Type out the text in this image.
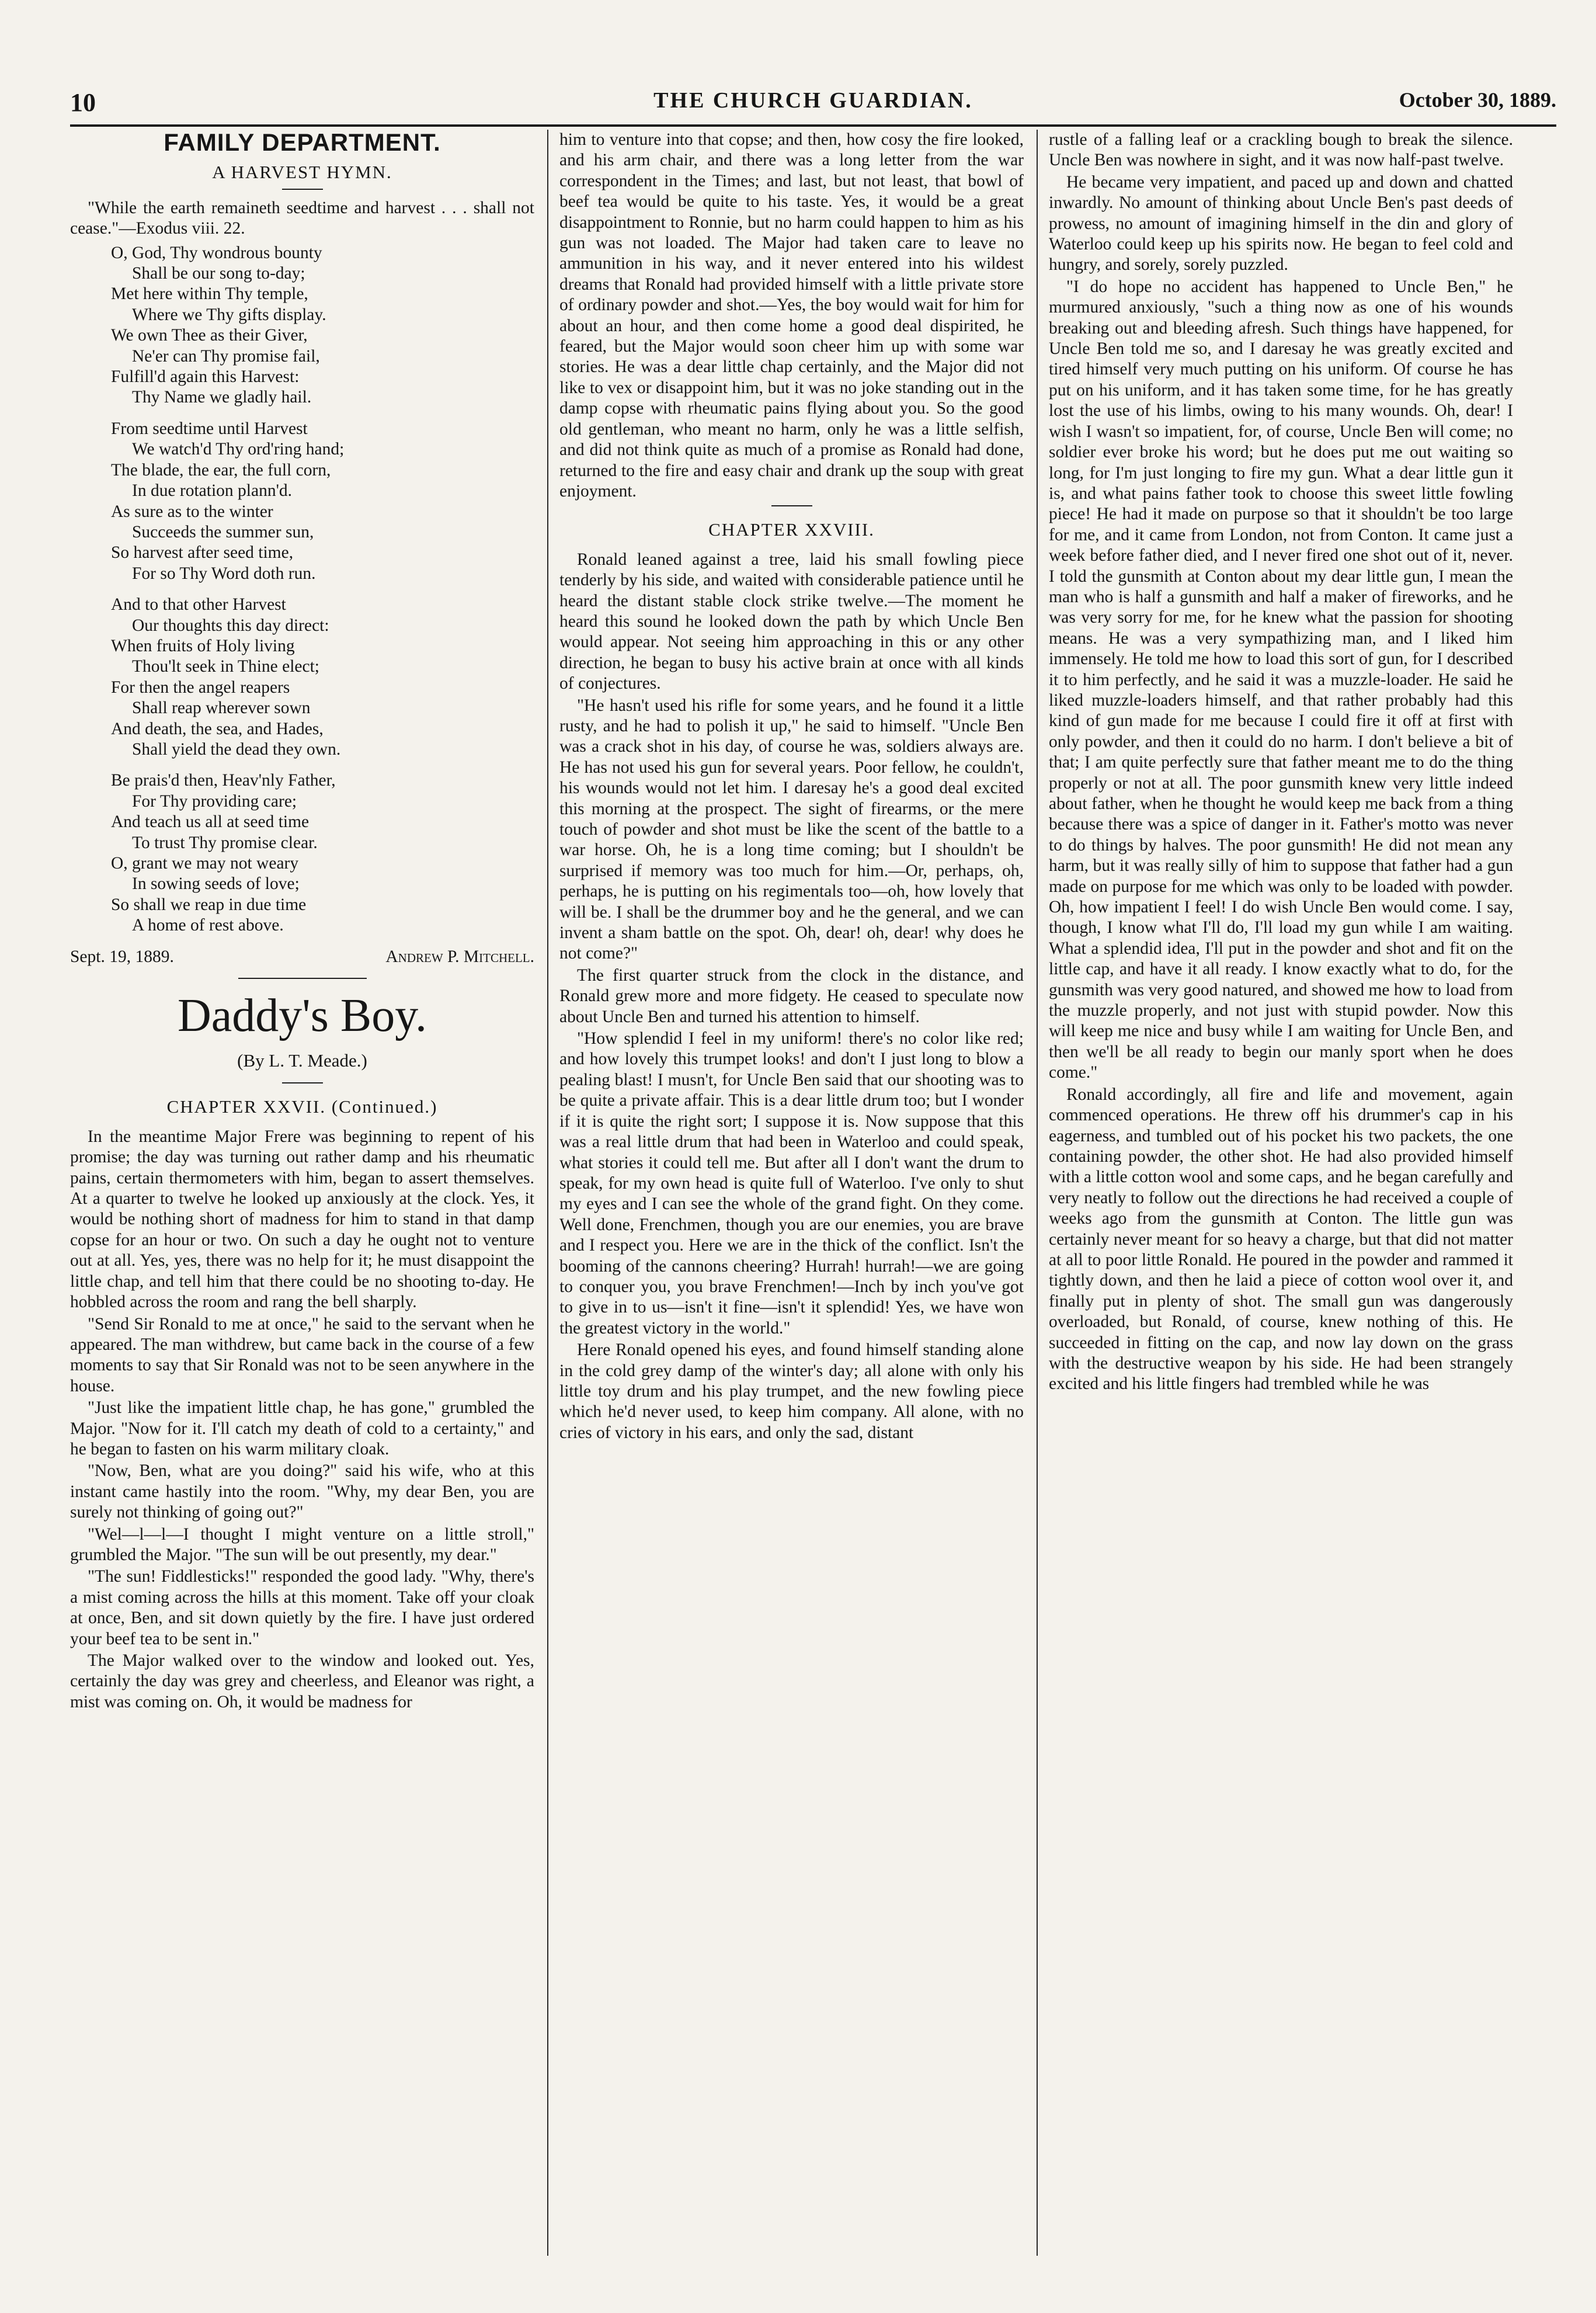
THE CHURCH GUARDIAN.
10	October 30, 1889.
FAMILY DEPARTMENT.
A HARVEST HYMN.

"While the earth remaineth seedtime and harvest . . . shall not cease."—Exodus viii. 22.

O, God, Thy wondrous bounty
Shall be our song to-day;
Met here within Thy temple,
Where we Thy gifts display.
We own Thee as their Giver,
Ne'er can Thy promise fail,
Fulfill'd again this Harvest:
Thy Name we gladly hail.
From seedtime until Harvest
We watch'd Thy ord'ring hand;
The blade, the ear, the full corn,
In due rotation plann'd.
As sure as to the winter
Succeeds the summer sun,
So harvest after seed time,
For so Thy Word doth run.
And to that other Harvest
Our thoughts this day direct:
When fruits of Holy living
Thou'lt seek in Thine elect;
For then the angel reapers
Shall reap wherever sown
And death, the sea, and Hades,
Shall yield the dead they own.
Be prais'd then, Heav'nly Father,
For Thy providing care;
And teach us all at seed time
To trust Thy promise clear.
O, grant we may not weary
In sowing seeds of love;
So shall we reap in due time
A home of rest above.
Sept. 19, 1889.	Andrew P. Mitchell.
Daddy's Boy.
(By L. T. Meade.)
CHAPTER XXVII. (Continued.)

In the meantime Major Frere was beginning to repent of his promise; the day was turning out rather damp and his rheumatic pains, certain thermometers with him, began to assert themselves. At a quarter to twelve he looked up anxiously at the clock. Yes, it would be nothing short of madness for him to stand in that damp copse for an hour or two. On such a day he ought not to venture out at all. Yes, yes, there was no help for it; he must disappoint the little chap, and tell him that there could be no shooting to-day. He hobbled across the room and rang the bell sharply.

"Send Sir Ronald to me at once," he said to the servant when he appeared. The man withdrew, but came back in the course of a few moments to say that Sir Ronald was not to be seen anywhere in the house.

"Just like the impatient little chap, he has gone," grumbled the Major. "Now for it. I'll catch my death of cold to a certainty," and he began to fasten on his warm military cloak.

"Now, Ben, what are you doing?" said his wife, who at this instant came hastily into the room. "Why, my dear Ben, you are surely not thinking of going out?"

"Wel—l—l—I thought I might venture on a little stroll," grumbled the Major. "The sun will be out presently, my dear."

"The sun! Fiddlesticks!" responded the good lady. "Why, there's a mist coming across the hills at this moment. Take off your cloak at once, Ben, and sit down quietly by the fire. I have just ordered your beef tea to be sent in."

The Major walked over to the window and looked out. Yes, certainly the day was grey and cheerless, and Eleanor was right, a mist was coming on. Oh, it would be madness for

him to venture into that copse; and then, how cosy the fire looked, and his arm chair, and there was a long letter from the war correspondent in the Times; and last, but not least, that bowl of beef tea would be quite to his taste. Yes, it would be a great disappointment to Ronnie, but no harm could happen to him as his gun was not loaded. The Major had taken care to leave no ammunition in his way, and it never entered into his wildest dreams that Ronald had provided himself with a little private store of ordinary powder and shot.—Yes, the boy would wait for him for about an hour, and then come home a good deal dispirited, he feared, but the Major would soon cheer him up with some war stories. He was a dear little chap certainly, and the Major did not like to vex or disappoint him, but it was no joke standing out in the damp copse with rheumatic pains flying about you. So the good old gentleman, who meant no harm, only he was a little selfish, and did not think quite as much of a promise as Ronald had done, returned to the fire and easy chair and drank up the soup with great enjoyment.

CHAPTER XXVIII.

Ronald leaned against a tree, laid his small fowling piece tenderly by his side, and waited with considerable patience until he heard the distant stable clock strike twelve.—The moment he heard this sound he looked down the path by which Uncle Ben would appear. Not seeing him approaching in this or any other direction, he began to busy his active brain at once with all kinds of conjectures.

"He hasn't used his rifle for some years, and he found it a little rusty, and he had to polish it up," he said to himself. "Uncle Ben was a crack shot in his day, of course he was, soldiers always are. He has not used his gun for several years. Poor fellow, he couldn't, his wounds would not let him. I daresay he's a good deal excited this morning at the prospect. The sight of firearms, or the mere touch of powder and shot must be like the scent of the battle to a war horse. Oh, he is a long time coming; but I shouldn't be surprised if memory was too much for him.—Or, perhaps, oh, perhaps, he is putting on his regimentals too—oh, how lovely that will be. I shall be the drummer boy and he the general, and we can invent a sham battle on the spot. Oh, dear! oh, dear! why does he not come?"

The first quarter struck from the clock in the distance, and Ronald grew more and more fidgety. He ceased to speculate now about Uncle Ben and turned his attention to himself.

"How splendid I feel in my uniform! there's no color like red; and how lovely this trumpet looks! and don't I just long to blow a pealing blast! I musn't, for Uncle Ben said that our shooting was to be quite a private affair. This is a dear little drum too; but I wonder if it is quite the right sort; I suppose it is. Now suppose that this was a real little drum that had been in Waterloo and could speak, what stories it could tell me. But after all I don't want the drum to speak, for my own head is quite full of Waterloo. I've only to shut my eyes and I can see the whole of the grand fight. On they come. Well done, Frenchmen, though you are our enemies, you are brave and I respect you. Here we are in the thick of the conflict. Isn't the booming of the cannons cheering? Hurrah! hurrah!—we are going to conquer you, you brave Frenchmen!—Inch by inch you've got to give in to us—isn't it fine—isn't it splendid! Yes, we have won the greatest victory in the world."

Here Ronald opened his eyes, and found himself standing alone in the cold grey damp of the winter's day; all alone with only his little toy drum and his play trumpet, and the new fowling piece which he'd never used, to keep him company. All alone, with no cries of victory in his ears, and only the sad, distant

rustle of a falling leaf or a crackling bough to break the silence. Uncle Ben was nowhere in sight, and it was now half-past twelve.

He became very impatient, and paced up and down and chatted inwardly. No amount of thinking about Uncle Ben's past deeds of prowess, no amount of imagining himself in the din and glory of Waterloo could keep up his spirits now. He began to feel cold and hungry, and sorely, sorely puzzled.

"I do hope no accident has happened to Uncle Ben," he murmured anxiously, "such a thing now as one of his wounds breaking out and bleeding afresh. Such things have happened, for Uncle Ben told me so, and I daresay he was greatly excited and tired himself very much putting on his uniform. Of course he has put on his uniform, and it has taken some time, for he has greatly lost the use of his limbs, owing to his many wounds. Oh, dear! I wish I wasn't so impatient, for, of course, Uncle Ben will come; no soldier ever broke his word; but he does put me out waiting so long, for I'm just longing to fire my gun. What a dear little gun it is, and what pains father took to choose this sweet little fowling piece! He had it made on purpose so that it shouldn't be too large for me, and it came from London, not from Conton. It came just a week before father died, and I never fired one shot out of it, never. I told the gunsmith at Conton about my dear little gun, I mean the man who is half a gunsmith and half a maker of fireworks, and he was very sorry for me, for he knew what the passion for shooting means. He was a very sympathizing man, and I liked him immensely. He told me how to load this sort of gun, for I described it to him perfectly, and he said it was a muzzle-loader. He said he liked muzzle-loaders himself, and that rather probably had this kind of gun made for me because I could fire it off at first with only powder, and then it could do no harm. I don't believe a bit of that; I am quite perfectly sure that father meant me to do the thing properly or not at all. The poor gunsmith knew very little indeed about father, when he thought he would keep me back from a thing because there was a spice of danger in it. Father's motto was never to do things by halves. The poor gunsmith! He did not mean any harm, but it was really silly of him to suppose that father had a gun made on purpose for me which was only to be loaded with powder. Oh, how impatient I feel! I do wish Uncle Ben would come. I say, though, I know what I'll do, I'll load my gun while I am waiting. What a splendid idea, I'll put in the powder and shot and fit on the little cap, and have it all ready. I know exactly what to do, for the gunsmith was very good natured, and showed me how to load from the muzzle properly, and not just with stupid powder. Now this will keep me nice and busy while I am waiting for Uncle Ben, and then we'll be all ready to begin our manly sport when he does come."

Ronald accordingly, all fire and life and movement, again commenced operations. He threw off his drummer's cap in his eagerness, and tumbled out of his pocket his two packets, the one containing powder, the other shot. He had also provided himself with a little cotton wool and some caps, and he began carefully and very neatly to follow out the directions he had received a couple of weeks ago from the gunsmith at Conton. The little gun was certainly never meant for so heavy a charge, but that did not matter at all to poor little Ronald. He poured in the powder and rammed it tightly down, and then he laid a piece of cotton wool over it, and finally put in plenty of shot. The small gun was dangerously overloaded, but Ronald, of course, knew nothing of this. He succeeded in fitting on the cap, and now lay down on the grass with the destructive weapon by his side. He had been strangely excited and his little fingers had trembled while he was
